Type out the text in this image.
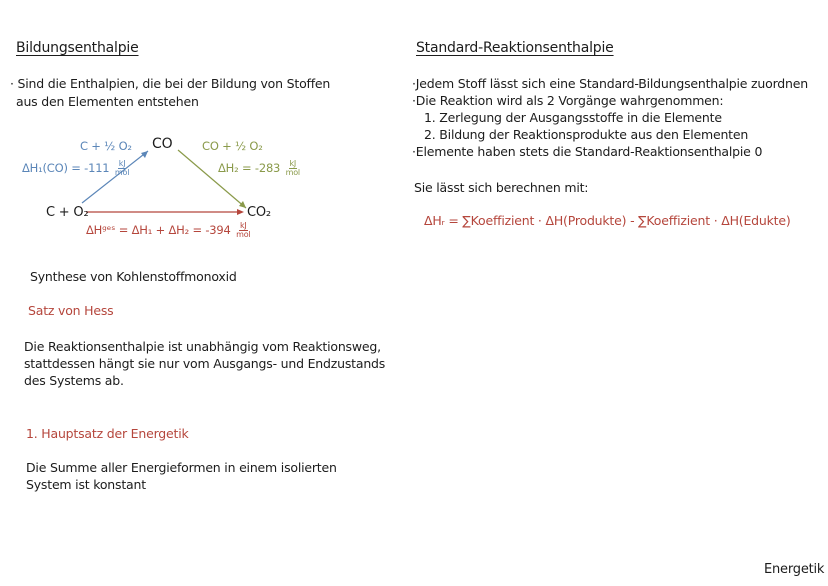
Bildungsenthalpie
· Sind die Enthalpien, die bei der Bildung von Stoffen
aus den Elementen entstehen
CO
C + O₂	CO₂
C + ½ O₂
$\Delta H_1(CO) = -111 \frac{kJ}{\text{mol}}$
CO + ½ O₂
$\Delta H_2 = -283 \frac{kJ}{\text{mol}}$
ΔHᵍᵉˢ = $\Delta H_1 + \Delta H_2 = -394 \frac{kJ}{\text{mol}}$
Synthese von Kohlenstoffmonoxid
Satz von Hess
Die Reaktionsenthalpie ist unabhängig vom Reaktionsweg,
stattdessen hängt sie nur vom Ausgangs- und Endzustands
des Systems ab.
1. Hauptsatz der Energetik
Die Summe aller Energieformen in einem isolierten
System ist konstant
Standard-Reaktionsenthalpie
·Jedem Stoff lässt sich eine Standard-Bildungsenthalpie zuordnen
·Die Reaktion wird als 2 Vorgänge wahrgenommen:
1. Zerlegung der Ausgangsstoffe in die Elemente
2. Bildung der Reaktionsprodukte aus den Elementen
·Elemente haben stets die Standard-Reaktionsenthalpie 0
Sie lässt sich berechnen mit:
ΔHᵣ = ∑Koeffizient · ΔH(Produkte) - ∑Koeffizient · ΔH(Edukte)
Energetik
